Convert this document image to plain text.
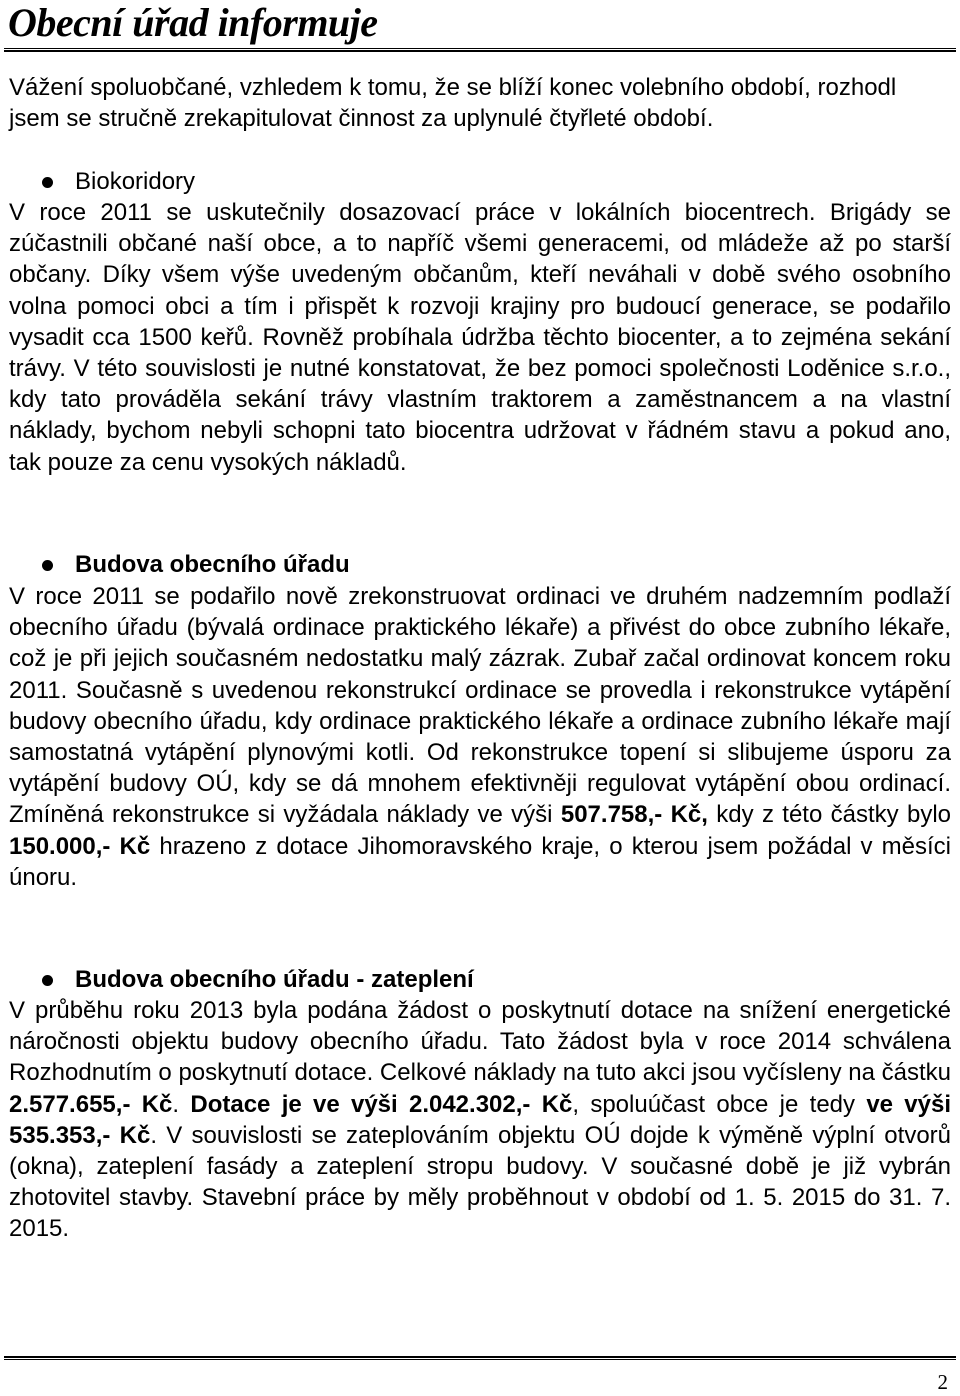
Obecní úřad informuje

Vážení spoluobčané, vzhledem k tomu, že se blíží konec volebního období, rozhodl jsem se stručně zrekapitulovat činnost za uplynulé čtyřleté období.

Biokoridory

V roce 2011 se uskutečnily dosazovací práce v lokálních biocentrech. Brigády se zúčastnili občané naší obce, a to napříč všemi generacemi, od mládeže až po starší občany. Díky všem výše uvedeným občanům, kteří neváhali v době svého osobního volna pomoci obci a tím i přispět k rozvoji krajiny pro budoucí generace, se podařilo vysadit cca 1500 keřů. Rovněž probíhala údržba těchto biocenter, a to zejména sekání trávy. V této souvislosti je nutné konstatovat, že bez pomoci společnosti Loděnice s.r.o., kdy tato prováděla sekání trávy vlastním traktorem a zaměstnancem a na vlastní náklady, bychom nebyli schopni tato biocentra udržovat v řádném stavu a pokud ano, tak pouze za cenu vysokých nákladů.

Budova obecního úřadu

V roce 2011 se podařilo nově zrekonstruovat ordinaci ve druhém nadzemním podlaží obecního úřadu (bývalá ordinace praktického lékaře) a přivést do obce zubního lékaře, což je při jejich současném nedostatku malý zázrak. Zubař začal ordinovat koncem roku 2011. Současně s uvedenou rekonstrukcí ordinace se provedla i rekonstrukce vytápění budovy obecního úřadu, kdy ordinace praktického lékaře a ordinace zubního lékaře mají samostatná vytápění plynovými kotli. Od rekonstrukce topení si slibujeme úsporu za vytápění budovy OÚ, kdy se dá mnohem efektivněji regulovat vytápění obou ordinací. Zmíněná rekonstrukce si vyžádala náklady ve výši 507.758,- Kč, kdy z této částky bylo 150.000,- Kč hrazeno z dotace Jihomoravského kraje, o kterou jsem požádal v měsíci únoru.

Budova obecního úřadu - zateplení

V průběhu roku 2013 byla podána žádost o poskytnutí dotace na snížení energetické náročnosti objektu budovy obecního úřadu. Tato žádost byla v roce 2014 schválena Rozhodnutím o poskytnutí dotace. Celkové náklady na tuto akci jsou vyčísleny na částku 2.577.655,- Kč. Dotace je ve výši 2.042.302,- Kč, spoluúčast obce je tedy ve výši 535.353,- Kč. V souvislosti se zateplováním objektu OÚ dojde k výměně výplní otvorů (okna), zateplení fasády a zateplení stropu budovy. V současné době je již vybrán zhotovitel stavby. Stavební práce by měly proběhnout v období od 1. 5. 2015 do 31. 7. 2015.

2
